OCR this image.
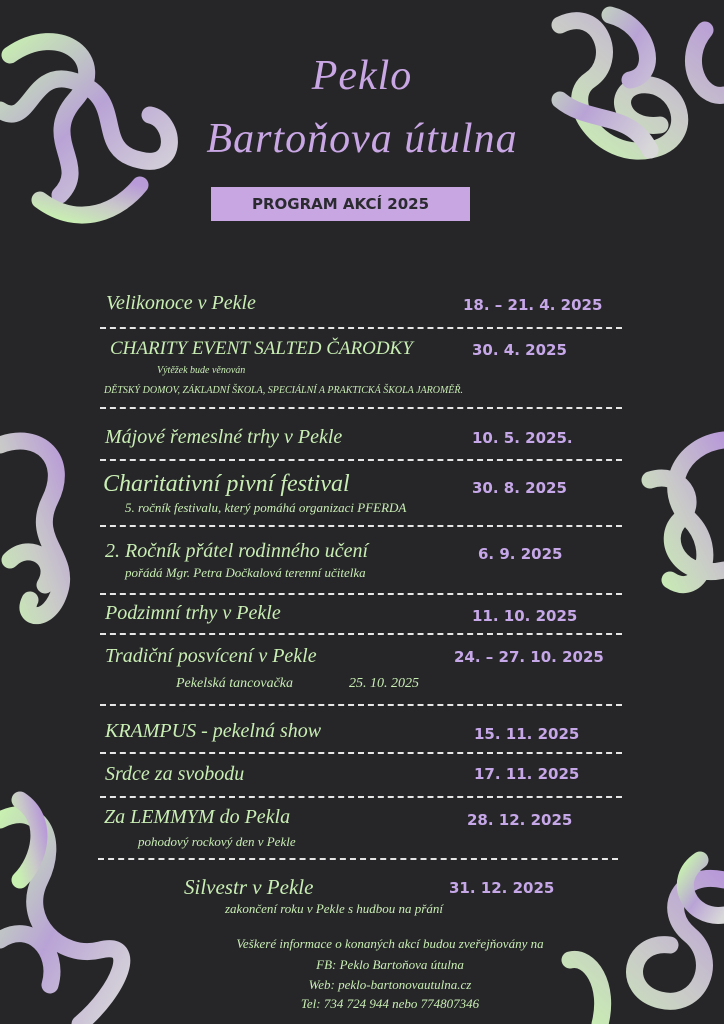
Peklo
Bartoňova útulna
PROGRAM AKCÍ 2025
Velikonoce v Pekle	18. – 21. 4. 2025
CHARITY EVENT SALTED ČARODKY	30. 4. 2025
Výtěžek bude věnován
DĚTSKÝ DOMOV, ZÁKLADNÍ ŠKOLA, SPECIÁLNÍ A PRAKTICKÁ ŠKOLA JAROMĚŘ.
Májové řemeslné trhy v Pekle	10. 5. 2025.
Charitativní pivní festival	30. 8. 2025
5. ročník festivalu, který pomáhá organizaci PFERDA
2. Ročník přátel rodinného učení	6. 9. 2025
pořádá Mgr. Petra Dočkalová terenní učitelka
Podzimní trhy v Pekle	11. 10. 2025
Tradiční posvícení v Pekle	24. – 27. 10. 2025
Pekelská tancovačka	25. 10. 2025
KRAMPUS - pekelná show	15. 11. 2025
Srdce za svobodu	17. 11. 2025
Za LEMMYM do Pekla	28. 12. 2025
pohodový rockový den v Pekle
Silvestr v Pekle	31. 12. 2025
zakončení roku v Pekle s hudbou na přání
Veškeré informace o konaných akcí budou zveřejňovány na
FB: Peklo Bartoňova útulna
Web: peklo-bartonovautulna.cz
Tel: 734 724 944 nebo 774807346
